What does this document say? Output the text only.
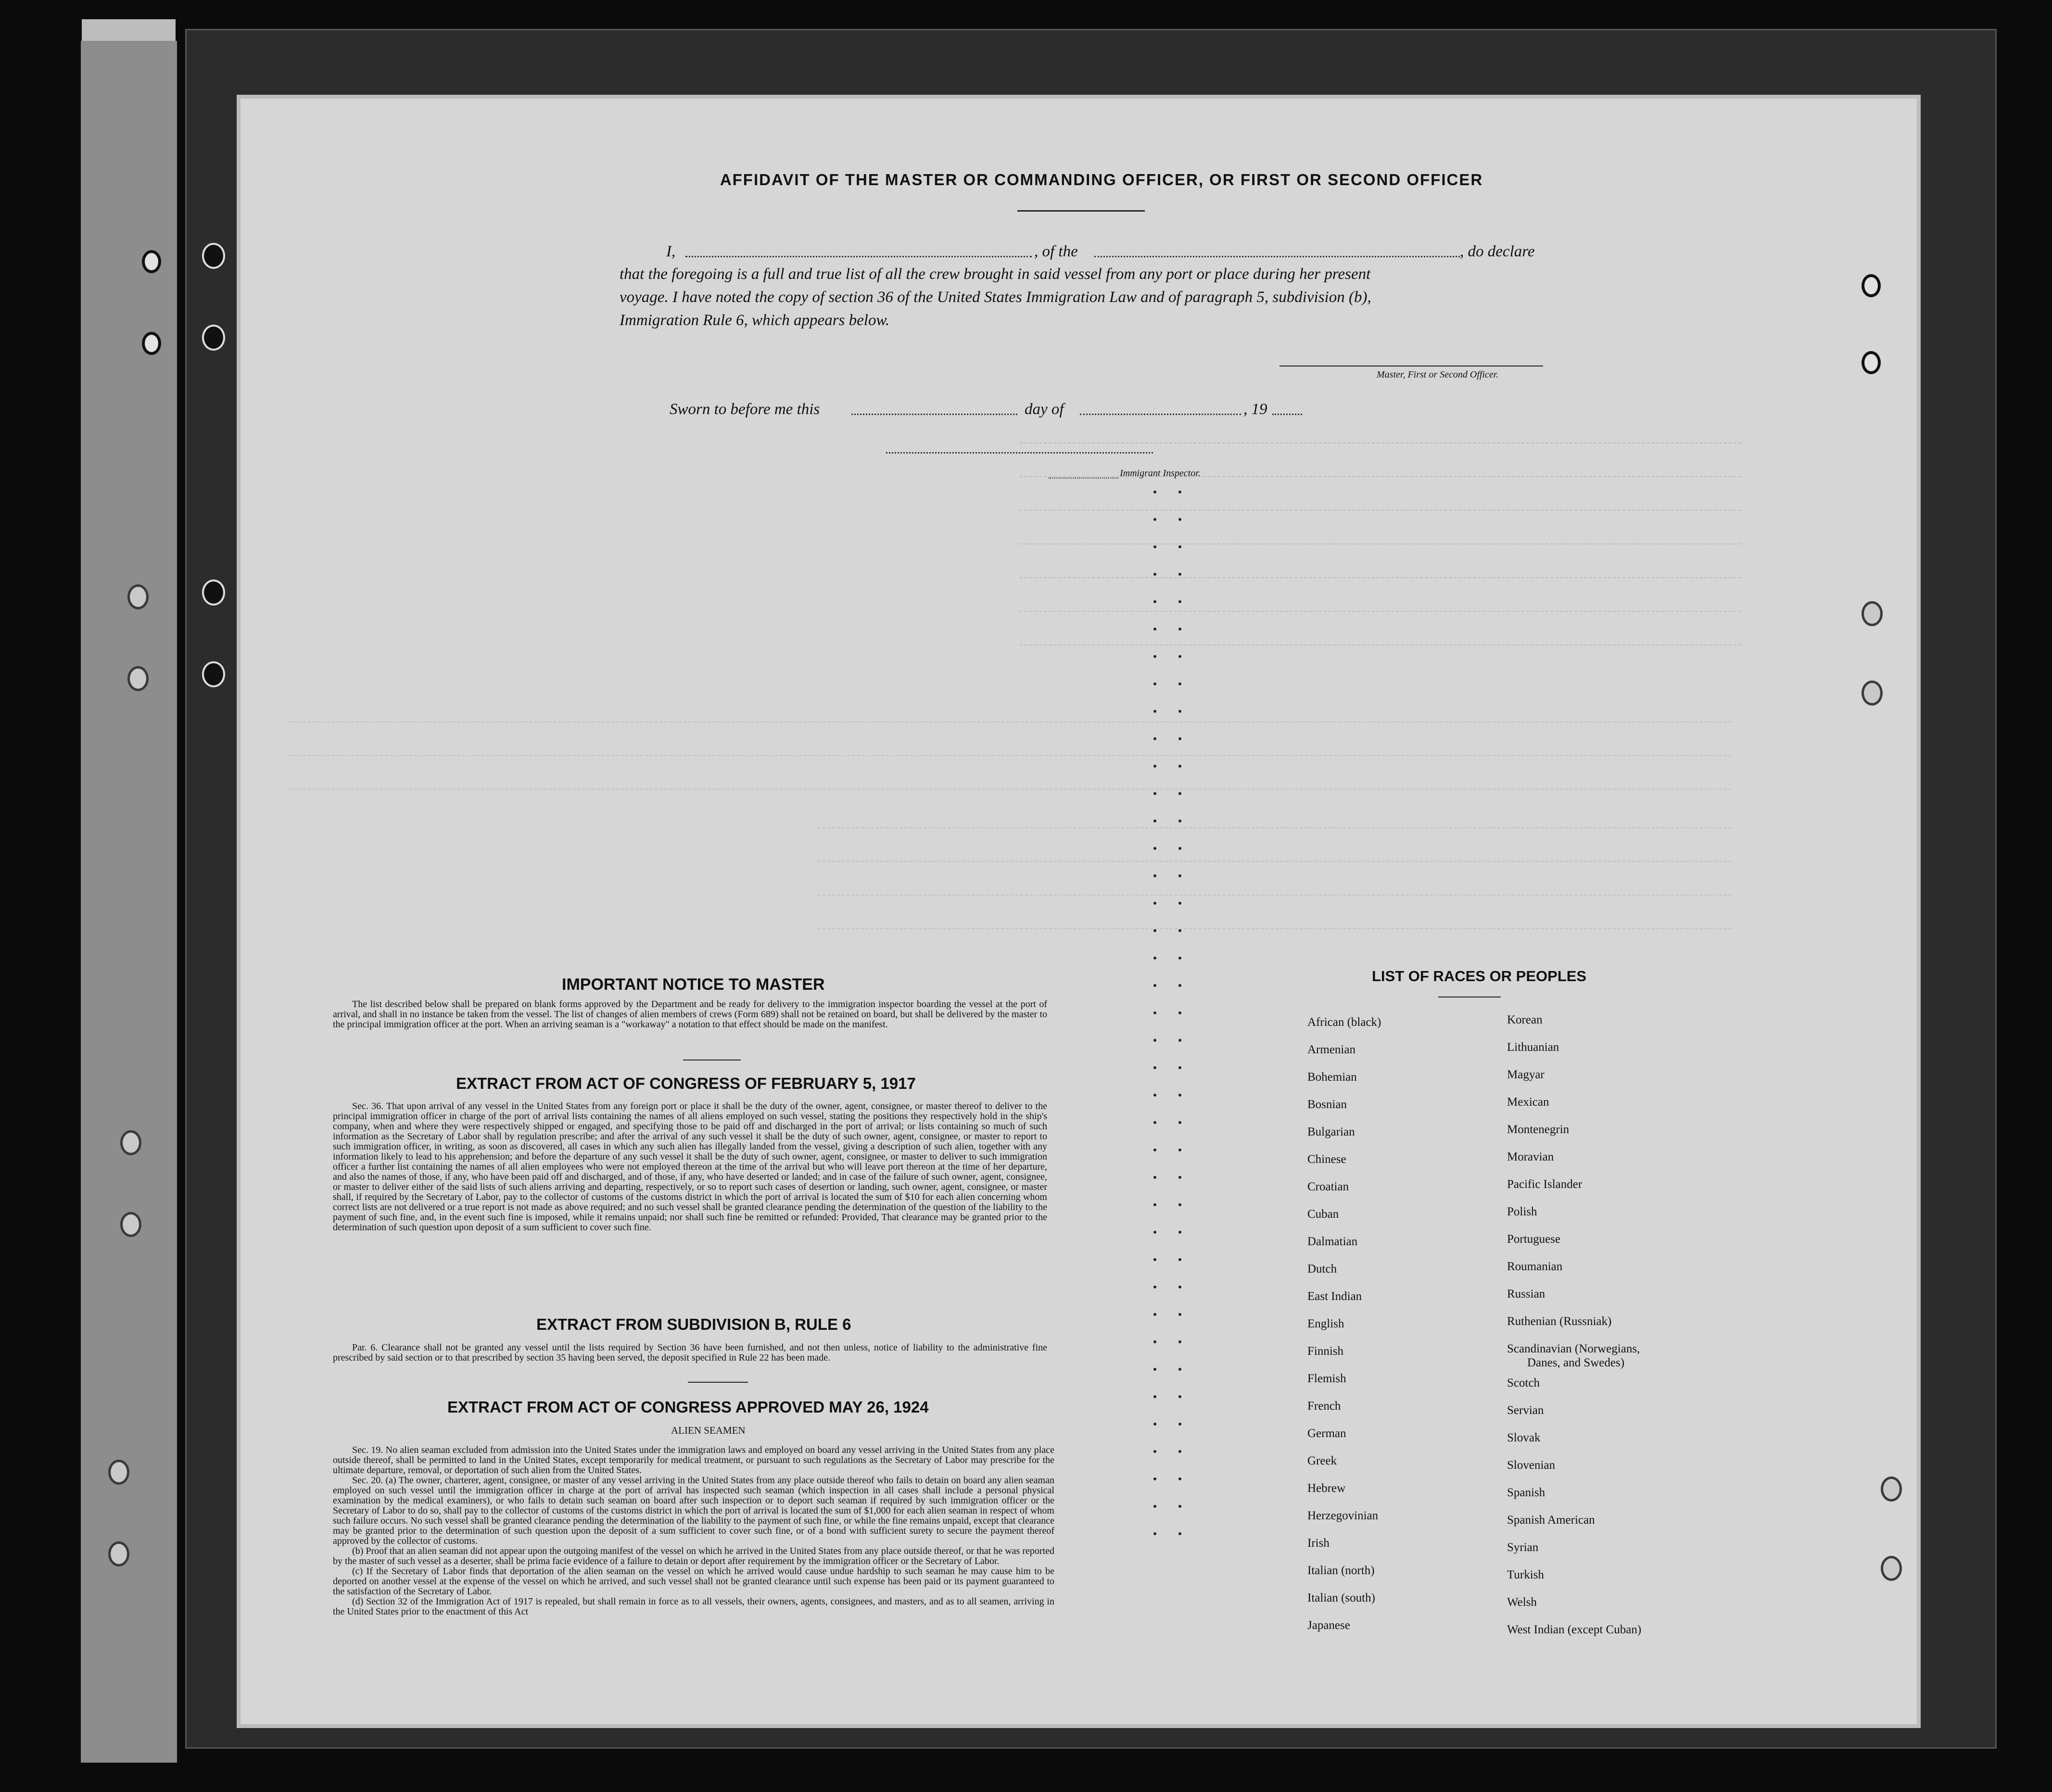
AFFIDAVIT OF THE MASTER OR COMMANDING OFFICER, OR FIRST OR SECOND OFFICER
I,	, of the	, do declare
that the foregoing is a full and true list of all the crew brought in said vessel from any port or place during her present
voyage. I have noted the copy of section 36 of the United States Immigration Law and of paragraph 5, subdivision (b),
Immigration Rule 6, which appears below.
Master, First or Second Officer.
Sworn to before me this	day of	, 19
Immigrant Inspector.
IMPORTANT NOTICE TO MASTER

The list described below shall be prepared on blank forms approved by the Department and be ready for delivery to the immigration inspector boarding the vessel at the port of arrival, and shall in no instance be taken from the vessel. The list of changes of alien members of crews (Form 689) shall not be retained on board, but shall be delivered by the master to the principal immigration officer at the port. When an arriving seaman is a "workaway" a notation to that effect should be made on the manifest.

EXTRACT FROM ACT OF CONGRESS OF FEBRUARY 5, 1917

Sec. 36. That upon arrival of any vessel in the United States from any foreign port or place it shall be the duty of the owner, agent, consignee, or master thereof to deliver to the principal immigration officer in charge of the port of arrival lists containing the names of all aliens employed on such vessel, stating the positions they respectively hold in the ship's company, when and where they were respectively shipped or engaged, and specifying those to be paid off and discharged in the port of arrival; or lists containing so much of such information as the Secretary of Labor shall by regulation prescribe; and after the arrival of any such vessel it shall be the duty of such owner, agent, consignee, or master to report to such immigration officer, in writing, as soon as discovered, all cases in which any such alien has illegally landed from the vessel, giving a description of such alien, together with any information likely to lead to his apprehension; and before the departure of any such vessel it shall be the duty of such owner, agent, consignee, or master to deliver to such immigration officer a further list containing the names of all alien employees who were not employed thereon at the time of the arrival but who will leave port thereon at the time of her departure, and also the names of those, if any, who have been paid off and discharged, and of those, if any, who have deserted or landed; and in case of the failure of such owner, agent, consignee, or master to deliver either of the said lists of such aliens arriving and departing, respectively, or so to report such cases of desertion or landing, such owner, agent, consignee, or master shall, if required by the Secretary of Labor, pay to the collector of customs of the customs district in which the port of arrival is located the sum of $10 for each alien concerning whom correct lists are not delivered or a true report is not made as above required; and no such vessel shall be granted clearance pending the determination of the question of the liability to the payment of such fine, and, in the event such fine is imposed, while it remains unpaid; nor shall such fine be remitted or refunded: Provided, That clearance may be granted prior to the determination of such question upon deposit of a sum sufficient to cover such fine.

EXTRACT FROM SUBDIVISION B, RULE 6

Par. 6. Clearance shall not be granted any vessel until the lists required by Section 36 have been furnished, and not then unless, notice of liability to the administrative fine prescribed by said section or to that prescribed by section 35 having been served, the deposit specified in Rule 22 has been made.

EXTRACT FROM ACT OF CONGRESS APPROVED MAY 26, 1924
ALIEN SEAMEN

Sec. 19. No alien seaman excluded from admission into the United States under the immigration laws and employed on board any vessel arriving in the United States from any place outside thereof, shall be permitted to land in the United States, except temporarily for medical treatment, or pursuant to such regulations as the Secretary of Labor may prescribe for the ultimate departure, removal, or deportation of such alien from the United States.

Sec. 20. (a) The owner, charterer, agent, consignee, or master of any vessel arriving in the United States from any place outside thereof who fails to detain on board any alien seaman employed on such vessel until the immigration officer in charge at the port of arrival has inspected such seaman (which inspection in all cases shall include a personal physical examination by the medical examiners), or who fails to detain such seaman on board after such inspection or to deport such seaman if required by such immigration officer or the Secretary of Labor to do so, shall pay to the collector of customs of the customs district in which the port of arrival is located the sum of $1,000 for each alien seaman in respect of whom such failure occurs. No such vessel shall be granted clearance pending the determination of the liability to the payment of such fine, or while the fine remains unpaid, except that clearance may be granted prior to the determination of such question upon the deposit of a sum sufficient to cover such fine, or of a bond with sufficient surety to secure the payment thereof approved by the collector of customs.

(b) Proof that an alien seaman did not appear upon the outgoing manifest of the vessel on which he arrived in the United States from any place outside thereof, or that he was reported by the master of such vessel as a deserter, shall be prima facie evidence of a failure to detain or deport after requirement by the immigration officer or the Secretary of Labor.

(c) If the Secretary of Labor finds that deportation of the alien seaman on the vessel on which he arrived would cause undue hardship to such seaman he may cause him to be deported on another vessel at the expense of the vessel on which he arrived, and such vessel shall not be granted clearance until such expense has been paid or its payment guaranteed to the satisfaction of the Secretary of Labor.

(d) Section 32 of the Immigration Act of 1917 is repealed, but shall remain in force as to all vessels, their owners, agents, consignees, and masters, and as to all seamen, arriving in the United States prior to the enactment of this Act

LIST OF RACES OR PEOPLES
African (black)
Armenian
Bohemian
Bosnian
Bulgarian
Chinese
Croatian
Cuban
Dalmatian
Dutch
East Indian
English
Finnish
Flemish
French
German
Greek
Hebrew
Herzegovinian
Irish
Italian (north)
Italian (south)
Japanese
Korean
Lithuanian
Magyar
Mexican
Montenegrin
Moravian
Pacific Islander
Polish
Portuguese
Roumanian
Russian
Ruthenian (Russniak)
Scandinavian (Norwegians,
Danes, and Swedes)
Scotch
Servian
Slovak
Slovenian
Spanish
Spanish American
Syrian
Turkish
Welsh
West Indian (except Cuban)
